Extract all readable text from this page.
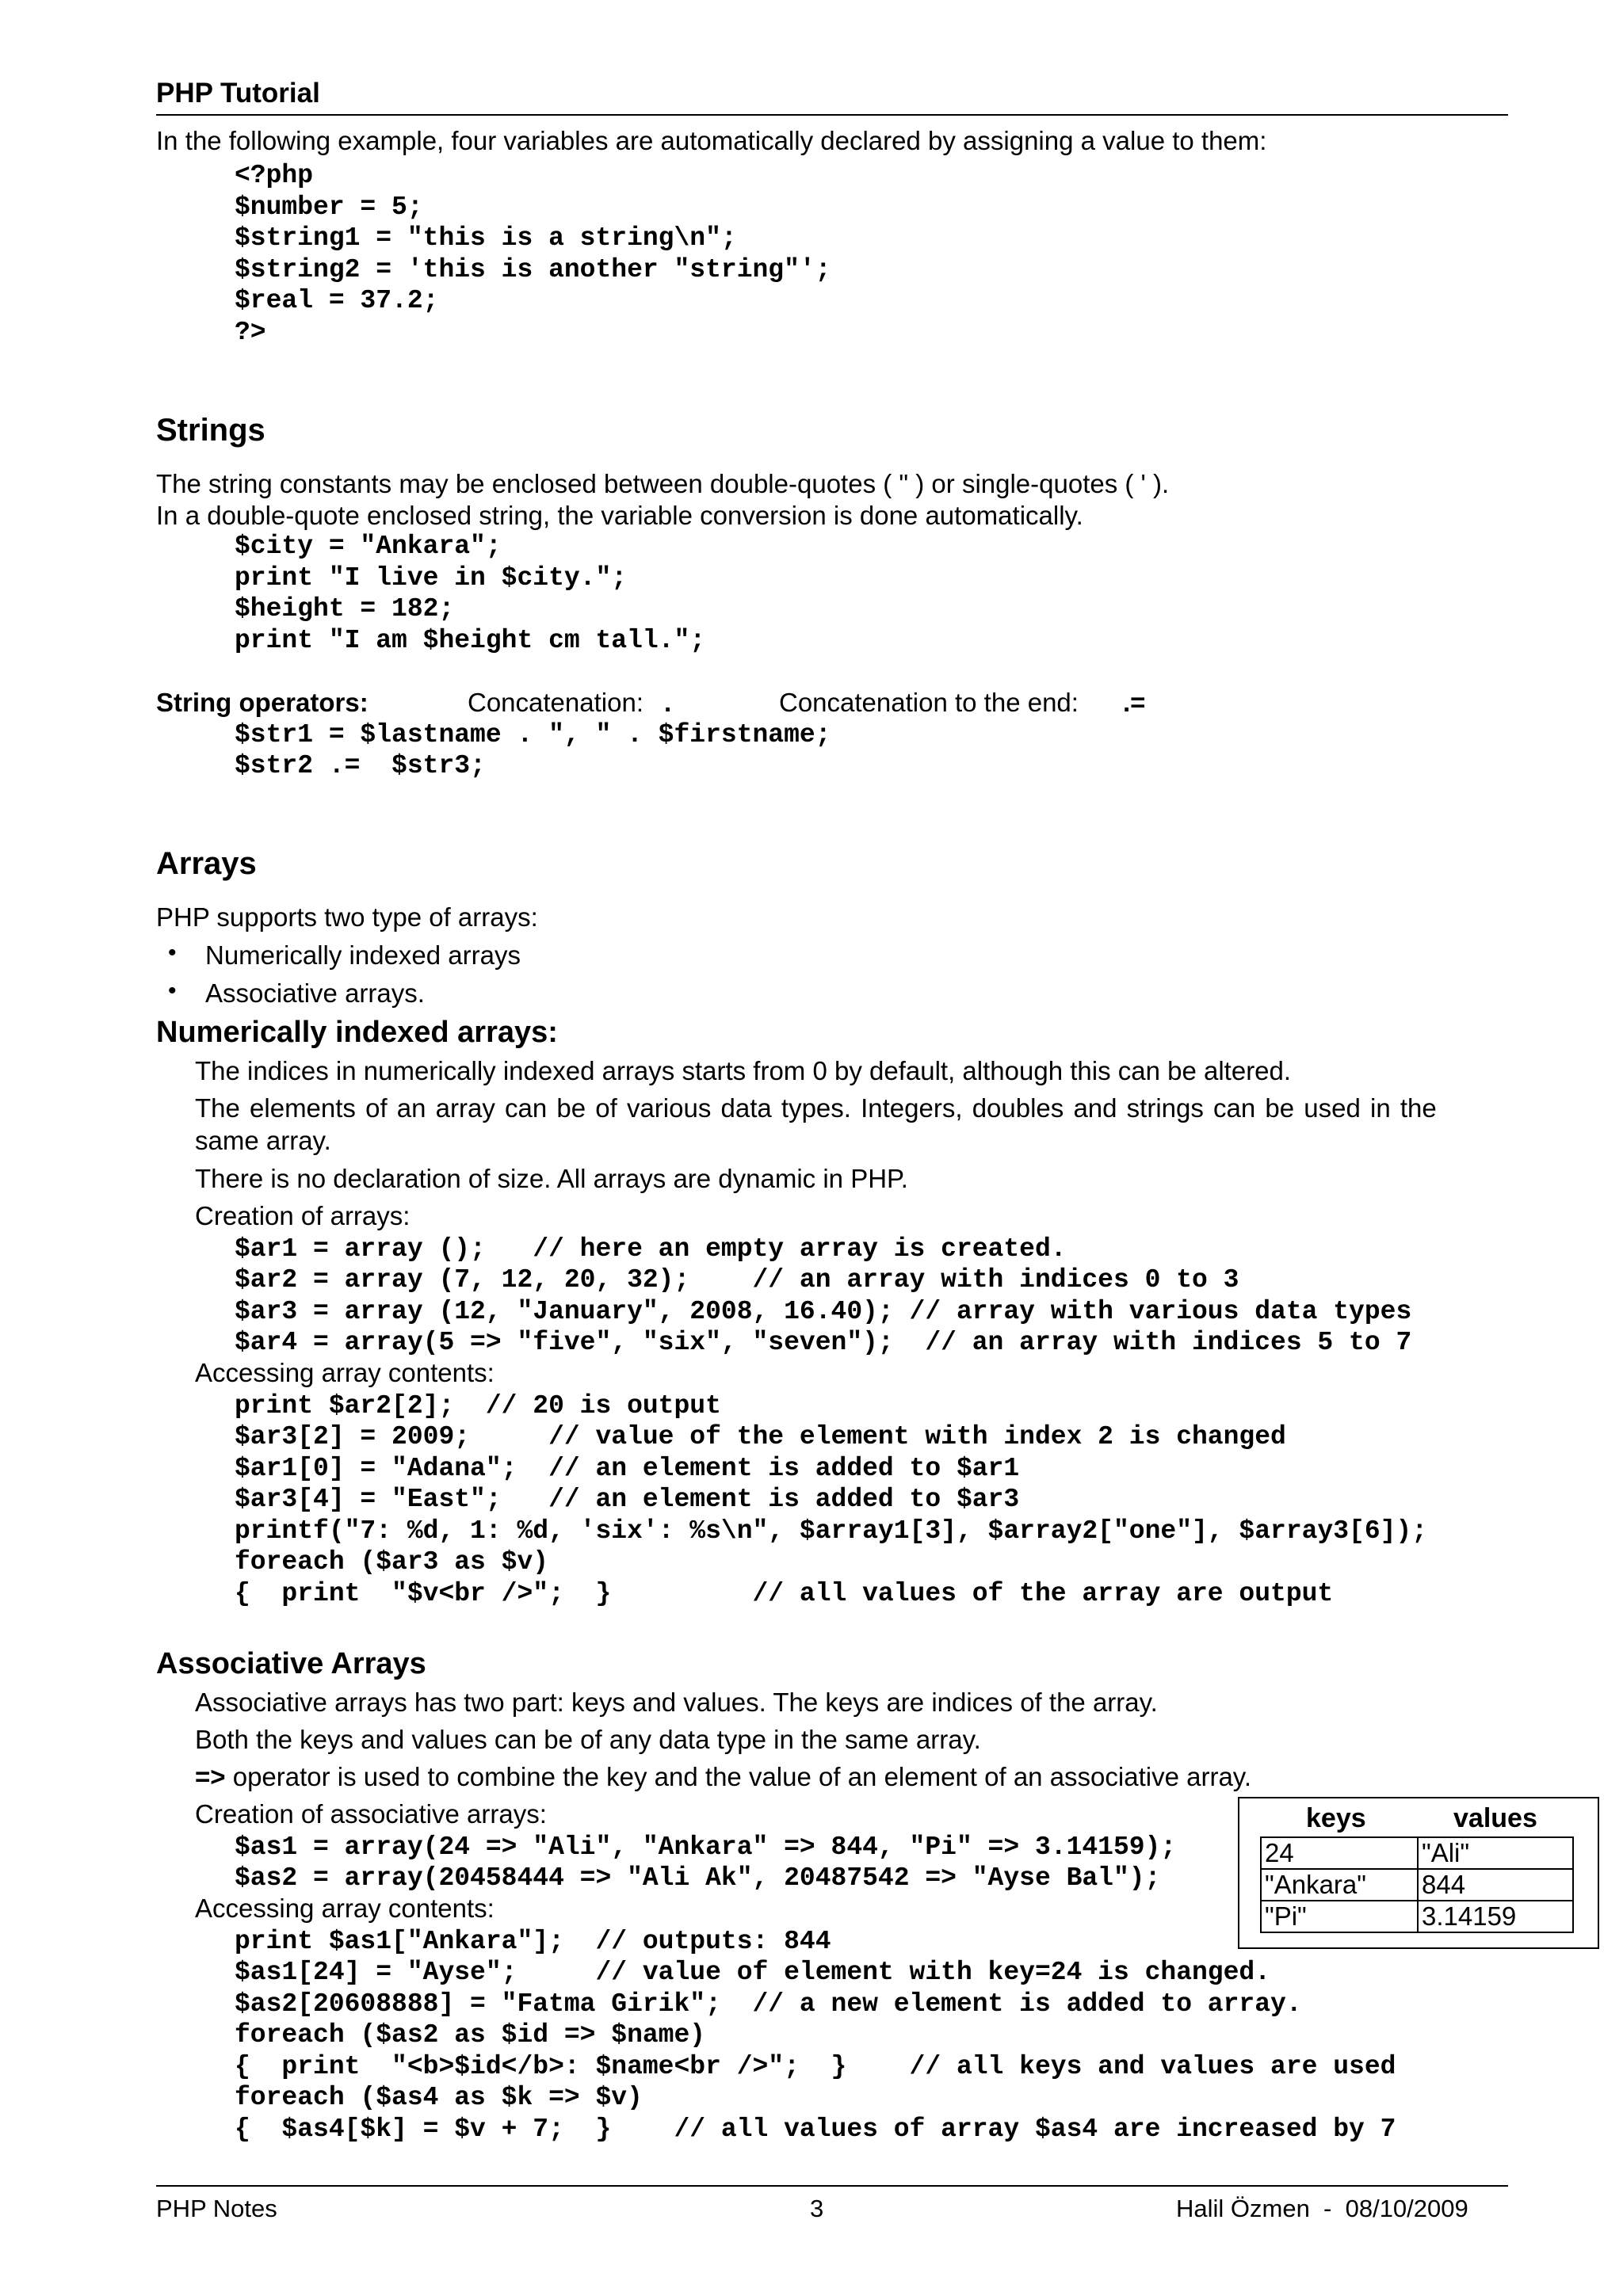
PHP Tutorial
In the following example, four variables are automatically declared by assigning a value to them:
<?php
$number = 5;
$string1 = "this is a string\n";
$string2 = 'this is another "string"';
$real = 37.2;
?>
Strings
The string constants may be enclosed between double-quotes ( " ) or single-quotes ( ' ).
In a double-quote enclosed string, the variable conversion is done automatically.
$city = "Ankara";
print "I live in $city.";
$height = 182;
print "I am $height cm tall.";
String operators:	Concatenation: .	Concatenation to the end: .=
$str1 = $lastname . ", " . $firstname;
$str2 .=  $str3;
Arrays
PHP supports two type of arrays:
• Numerically indexed arrays
• Associative arrays.
Numerically indexed arrays:
The indices in numerically indexed arrays starts from 0 by default, although this can be altered.
The elements of an array can be of various data types. Integers, doubles and strings can be used in the
same array.
There is no declaration of size. All arrays are dynamic in PHP.
Creation of arrays:
$ar1 = array ();   // here an empty array is created.
$ar2 = array (7, 12, 20, 32);    // an array with indices 0 to 3
$ar3 = array (12, "January", 2008, 16.40); // array with various data types
$ar4 = array(5 => "five", "six", "seven");  // an array with indices 5 to 7
Accessing array contents:
print $ar2[2];  // 20 is output
$ar3[2] = 2009;     // value of the element with index 2 is changed
$ar1[0] = "Adana";  // an element is added to $ar1
$ar3[4] = "East";   // an element is added to $ar3
printf("7: %d, 1: %d, 'six': %s\n", $array1[3], $array2["one"], $array3[6]);
foreach ($ar3 as $v)
{  print  "$v<br />";  }         // all values of the array are output
Associative Arrays
Associative arrays has two part: keys and values. The keys are indices of the array.
Both the keys and values can be of any data type in the same array.
=> operator is used to combine the key and the value of an element of an associative array.
Creation of associative arrays:
$as1 = array(24 => "Ali", "Ankara" => 844, "Pi" => 3.14159);
$as2 = array(20458444 => "Ali Ak", 20487542 => "Ayse Bal");
Accessing array contents:
print $as1["Ankara"];  // outputs: 844
$as1[24] = "Ayse";     // value of element with key=24 is changed.
$as2[20608888] = "Fatma Girik";  // a new element is added to array.
foreach ($as2 as $id => $name)
{  print  "<b>$id</b>: $name<br />";  }    // all keys and values are used
foreach ($as4 as $k => $v)
{  $as4[$k] = $v + 7;  }    // all values of array $as4 are increased by 7
keys	values
24	"Ali"
"Ankara"	844
"Pi"	3.14159
PHP Notes	3	Halil Özmen  -  08/10/2009
